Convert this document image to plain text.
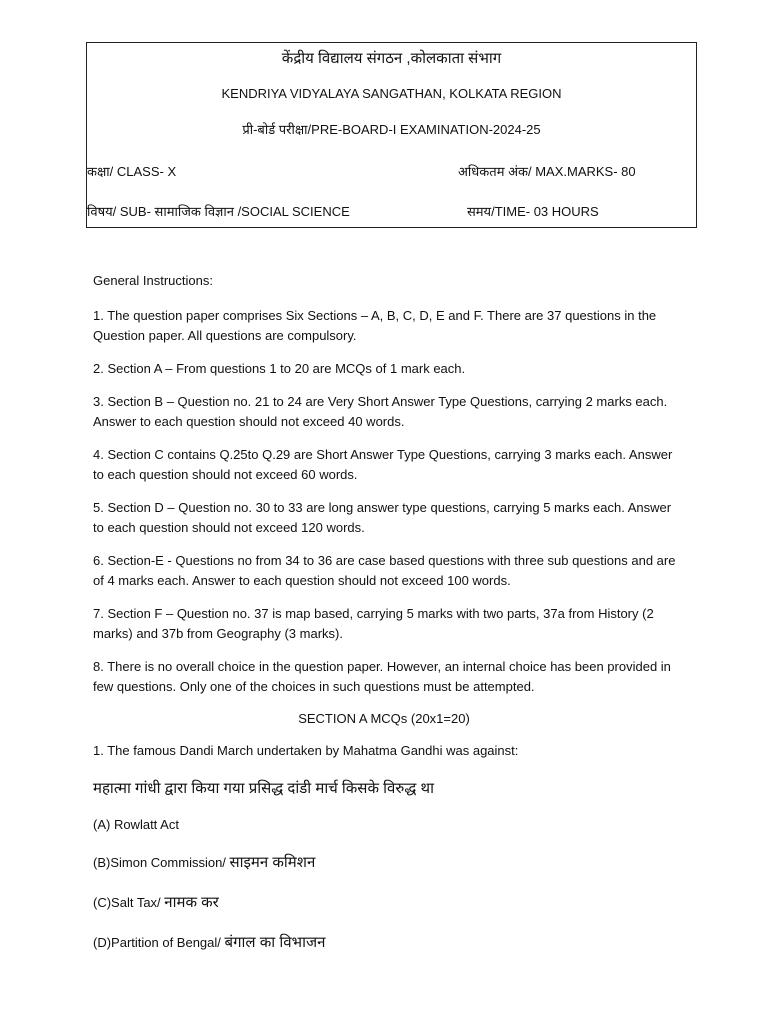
केंद्रीय विद्यालय संगठन ,कोलकाता संभाग
KENDRIYA VIDYALAYA SANGATHAN, KOLKATA REGION
प्री-बोर्ड परीक्षा/PRE-BOARD-I EXAMINATION-2024-25
कक्षा/ CLASS- X	अधिकतम अंक/ MAX.MARKS- 80
विषय/ SUB- सामाजिक विज्ञान /SOCIAL SCIENCE	समय/TIME- 03 HOURS
General Instructions:
1. The question paper comprises Six Sections – A, B, C, D, E and F. There are 37 questions in the Question paper. All questions are compulsory.
2. Section A – From questions 1 to 20 are MCQs of 1 mark each.
3. Section B – Question no. 21 to 24 are Very Short Answer Type Questions, carrying 2 marks each. Answer to each question should not exceed 40 words.
4. Section C contains Q.25to Q.29 are Short Answer Type Questions, carrying 3 marks each. Answer to each question should not exceed 60 words.
5. Section D – Question no. 30 to 33 are long answer type questions, carrying 5 marks each. Answer to each question should not exceed 120 words.
6. Section-E - Questions no from 34 to 36 are case based questions with three sub questions and are of 4 marks each. Answer to each question should not exceed 100 words.
7. Section F – Question no. 37 is map based, carrying 5 marks with two parts, 37a from History (2 marks) and 37b from Geography (3 marks).
8. There is no overall choice in the question paper. However, an internal choice has been provided in few questions. Only one of the choices in such questions must be attempted.
SECTION A MCQs (20x1=20)
1. The famous Dandi March undertaken by Mahatma Gandhi was against:
महात्मा गांधी द्वारा किया गया प्रसिद्ध दांडी मार्च किसके विरुद्ध था
(A) Rowlatt Act
(B)Simon Commission/ साइमन कमिशन
(C)Salt Tax/ नामक कर
(D)Partition of Bengal/ बंगाल का विभाजन
